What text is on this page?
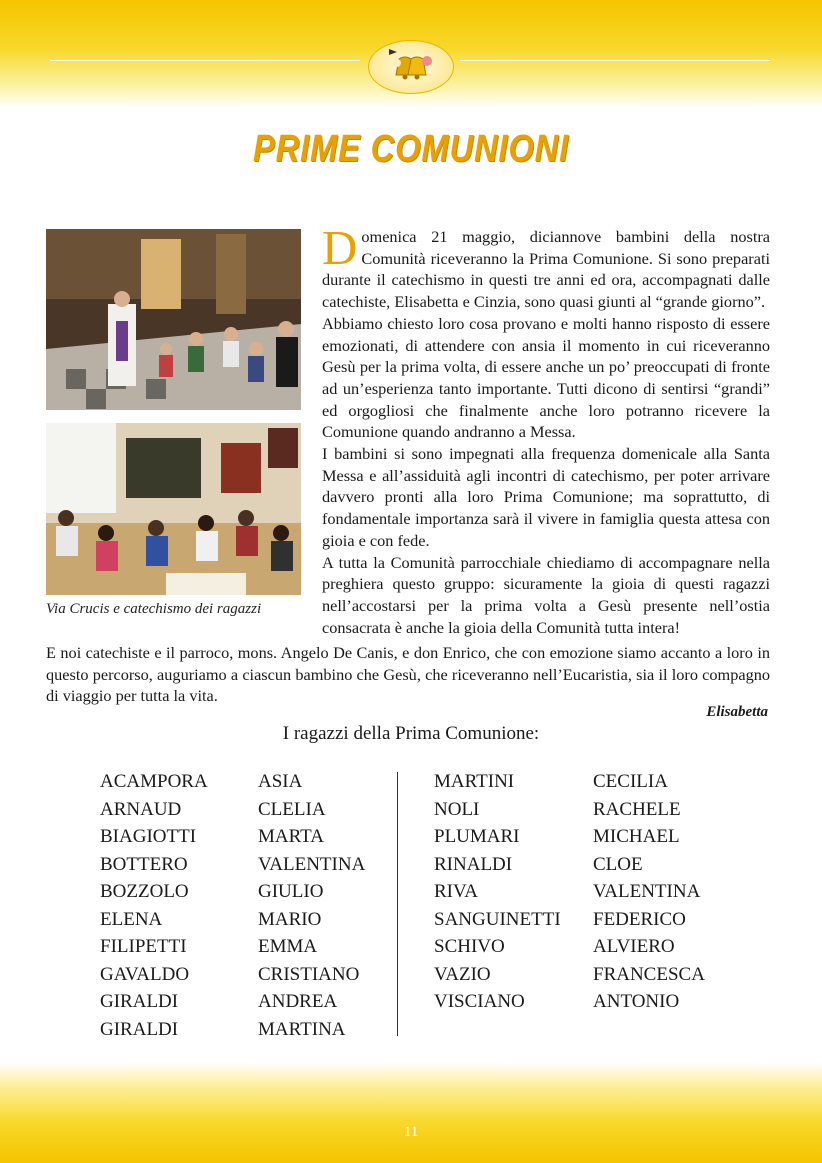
PRIME COMUNIONI
Via Crucis e catechismo dei ragazzi

Domenica 21 maggio, diciannove bambini della nostra Comunità riceveranno la Prima Comunione. Si sono preparati durante il catechismo in questi tre anni ed ora, accompagnati dalle catechiste, Elisabetta e Cinzia, sono quasi giunti al “grande giorno”.

Abbiamo chiesto loro cosa provano e molti hanno risposto di essere emozionati, di attendere con ansia il momento in cui riceveranno Gesù per la prima volta, di essere anche un po’ preoccupati di fronte ad un’esperienza tanto importante. Tutti dicono di sentirsi “grandi” ed orgogliosi che finalmente anche loro potranno ricevere la Comunione quando andranno a Messa.

I bambini si sono impegnati alla frequenza domenicale alla Santa Messa e all’assiduità agli incontri di catechismo, per poter arrivare davvero pronti alla loro Prima Comunione; ma soprattutto, di fondamentale importanza sarà il vivere in famiglia questa attesa con gioia e con fede.

A tutta la Comunità parrocchiale chiediamo di accompagnare nella preghiera questo gruppo: sicuramente la gioia di questi ragazzi nell’accostarsi per la prima volta a Gesù presente nell’ostia consacrata è anche la gioia della Comunità tutta intera!

E noi catechiste e il parroco, mons. Angelo De Canis, e don Enrico, che con emozione siamo accanto a loro in questo percorso, auguriamo a ciascun bambino che Gesù, che riceveranno nell’Eucaristia, sia il loro compagno di viaggio per tutta la vita.
Elisabetta
I ragazzi della Prima Comunione:
ACAMPORA
ARNAUD
BIAGIOTTI
BOTTERO
BOZZOLO
ELENA
FILIPETTI
GAVALDO
GIRALDI
GIRALDI
ASIA
CLELIA
MARTA
VALENTINA
GIULIO
MARIO
EMMA
CRISTIANO
ANDREA
MARTINA
MARTINI
NOLI
PLUMARI
RINALDI
RIVA
SANGUINETTI
SCHIVO
VAZIO
VISCIANO
CECILIA
RACHELE
MICHAEL
CLOE
VALENTINA
FEDERICO
ALVIERO
FRANCESCA
ANTONIO
11
